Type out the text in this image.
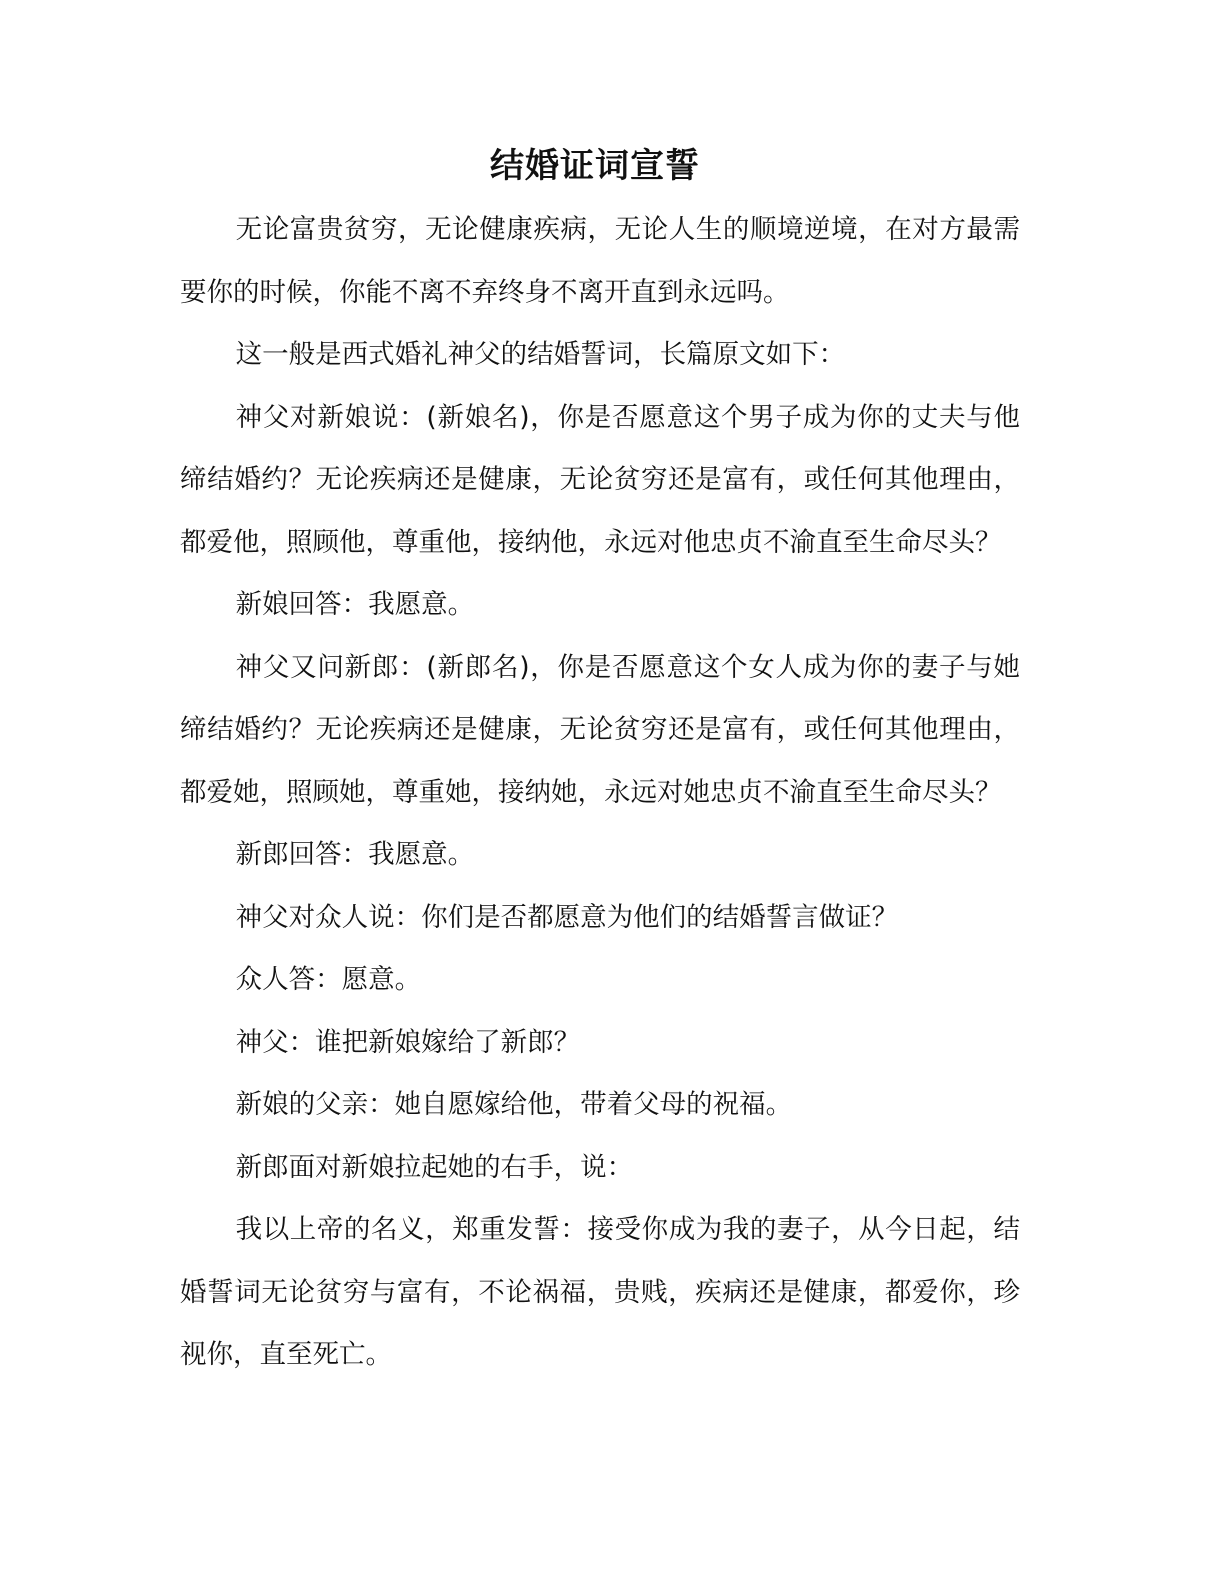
结婚证词宣誓

无论富贵贫穷，无论健康疾病，无论人生的顺境逆境，在对方最需要你的时候，你能不离不弃终身不离开直到永远吗。

这一般是西式婚礼神父的结婚誓词，长篇原文如下：

神父对新娘说：(新娘名)，你是否愿意这个男子成为你的丈夫与他缔结婚约？无论疾病还是健康，无论贫穷还是富有，或任何其他理由，都爱他，照顾他，尊重他，接纳他，永远对他忠贞不渝直至生命尽头？

新娘回答：我愿意。

神父又问新郎：(新郎名)，你是否愿意这个女人成为你的妻子与她缔结婚约？无论疾病还是健康，无论贫穷还是富有，或任何其他理由，都爱她，照顾她，尊重她，接纳她，永远对她忠贞不渝直至生命尽头？

新郎回答：我愿意。

神父对众人说：你们是否都愿意为他们的结婚誓言做证？

众人答：愿意。

神父：谁把新娘嫁给了新郎？

新娘的父亲：她自愿嫁给他，带着父母的祝福。

新郎面对新娘拉起她的右手，说：

我以上帝的名义，郑重发誓：接受你成为我的妻子，从今日起，结婚誓词无论贫穷与富有，不论祸福，贵贱，疾病还是健康，都爱你，珍视你，直至死亡。
